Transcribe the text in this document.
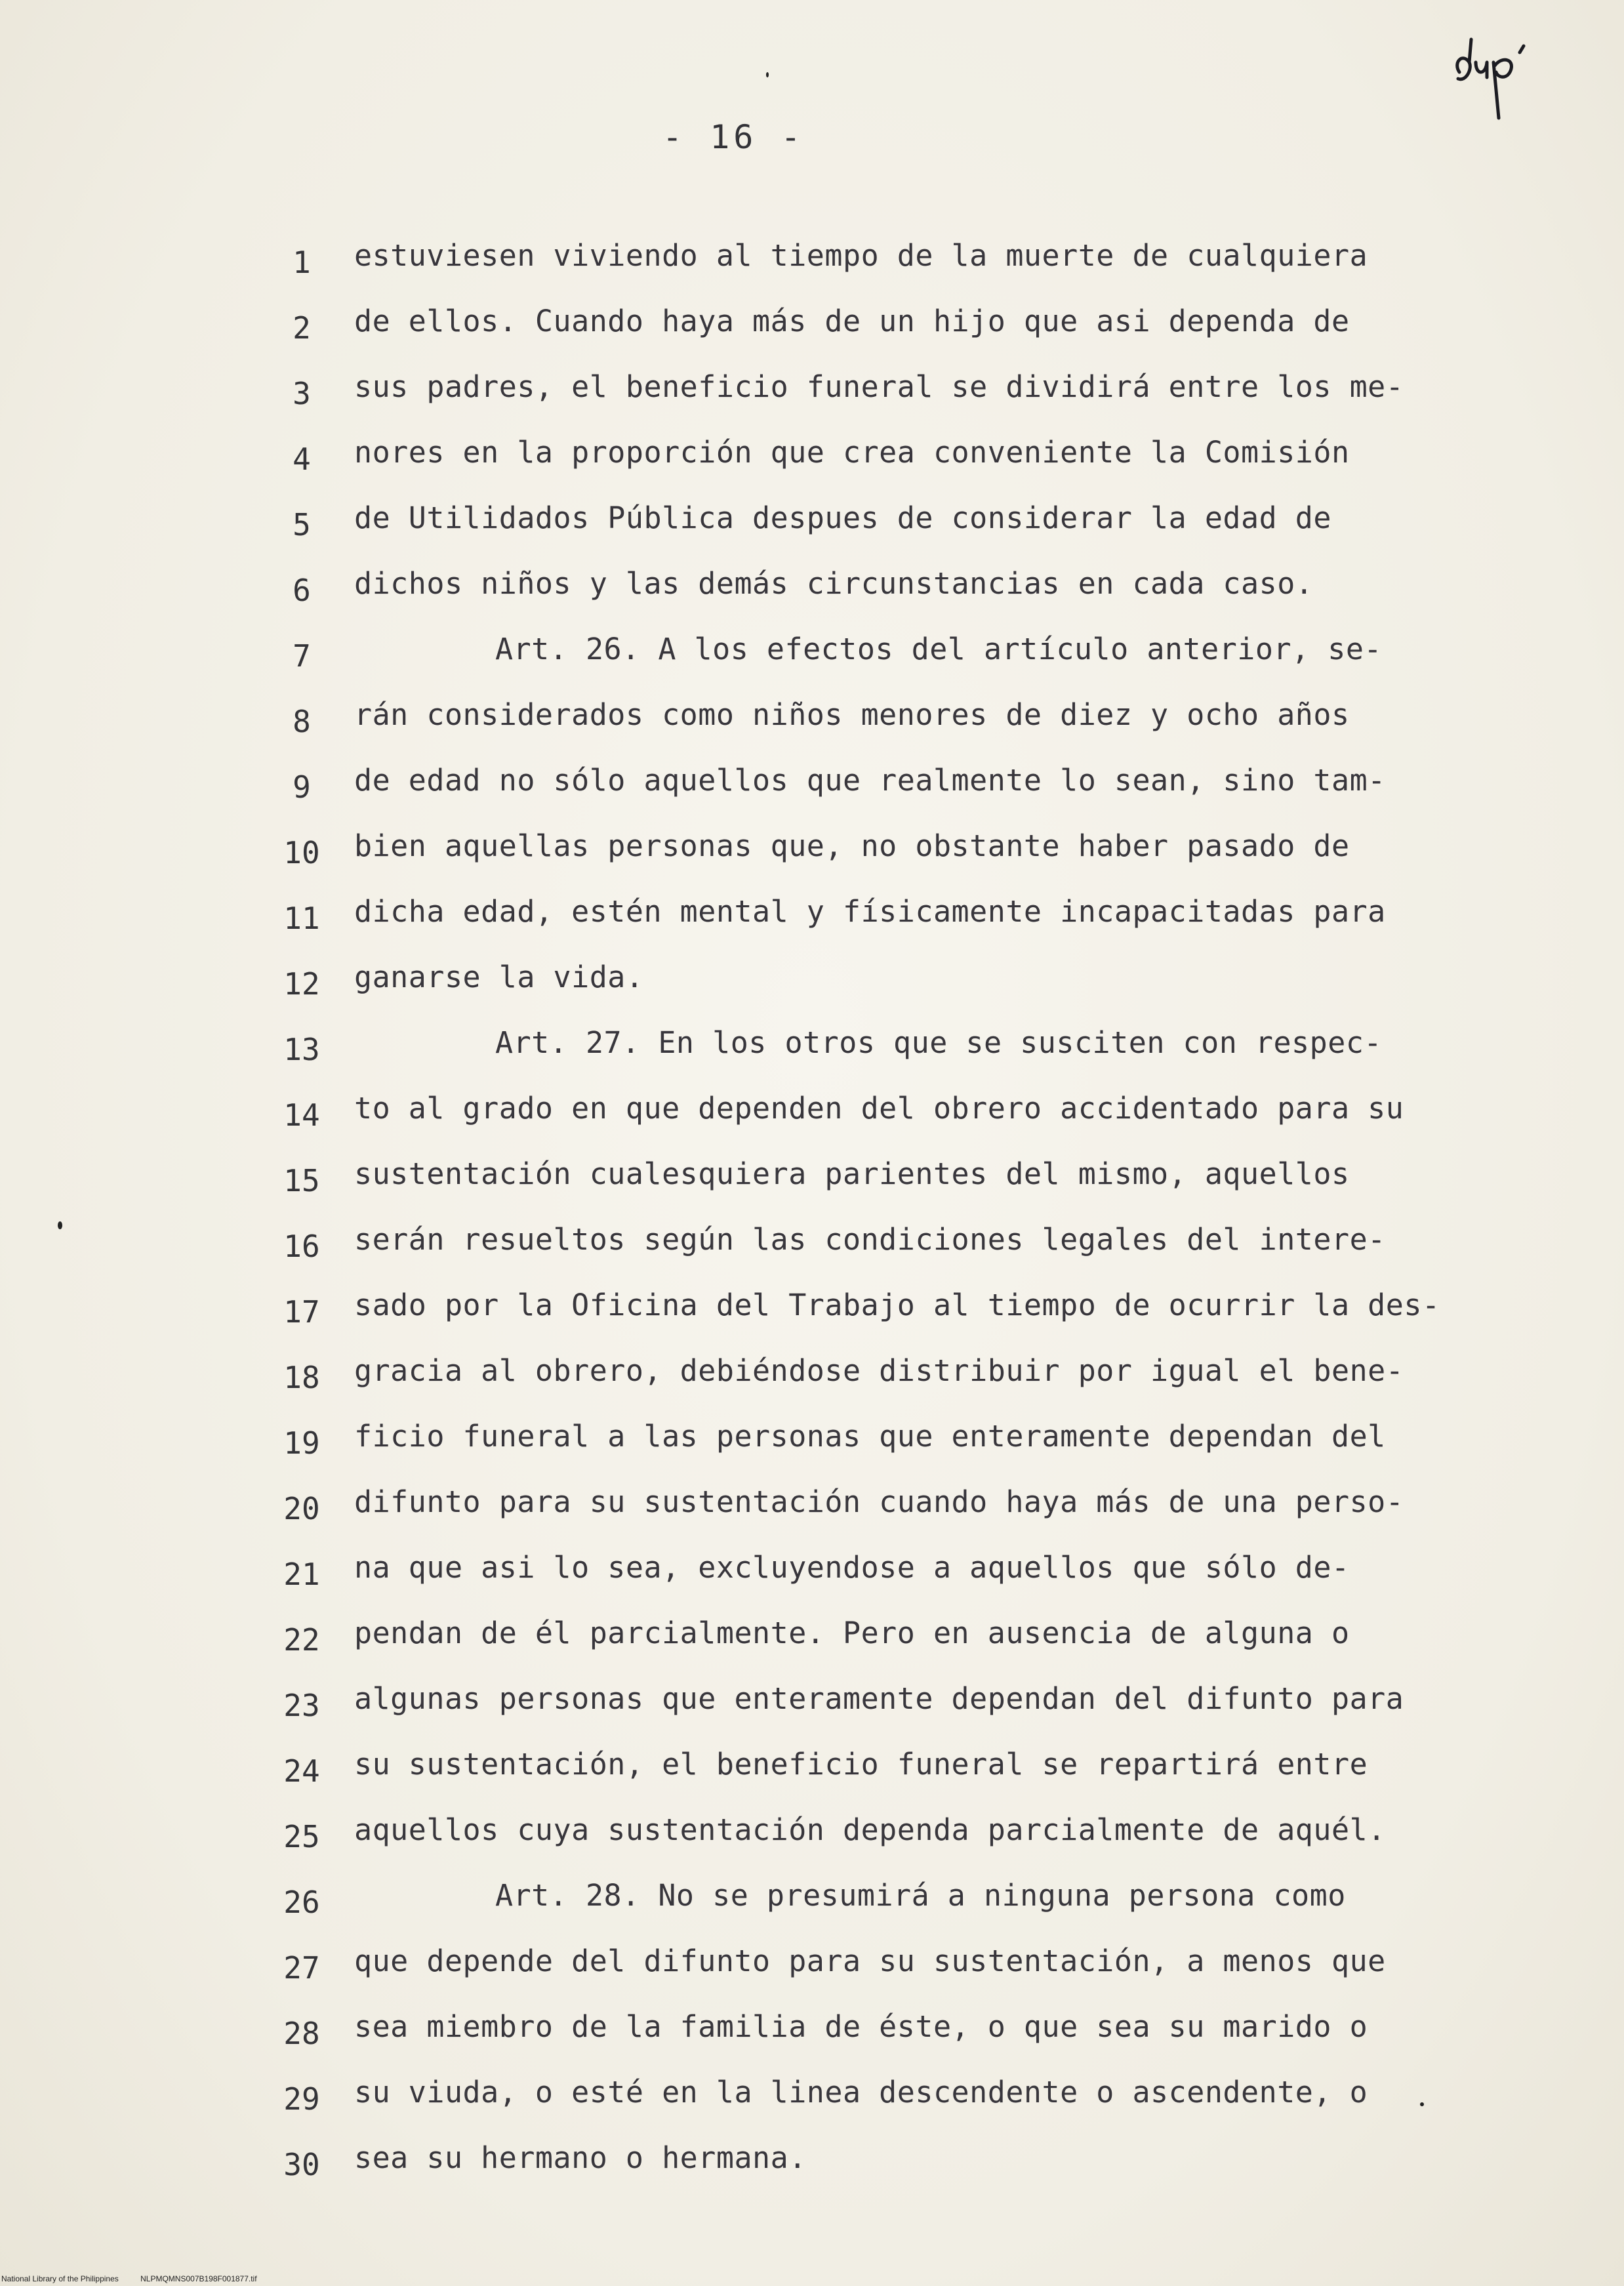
- 16 -
1
2
3
4
5
6
7
8
9
10
11
12
13
14
15
16
17
18
19
20
21
22
23
24
25
26
27
28
29
30
estuviesen viviendo al tiempo de la muerte de cualquiera
de ellos. Cuando haya más de un hijo que asi dependa de
sus padres, el beneficio funeral se dividirá entre los me-
nores en la proporción que crea conveniente la Comisión
de Utilidados Pública despues de considerar la edad de
dichos niños y las demás circunstancias en cada caso.
Art. 26. A los efectos del artículo anterior, se-
rán considerados como niños menores de diez y ocho años
de edad no sólo aquellos que realmente lo sean, sino tam-
bien aquellas personas que, no obstante haber pasado de
dicha edad, estén mental y físicamente incapacitadas para
ganarse la vida.
Art. 27. En los otros que se susciten con respec-
to al grado en que dependen del obrero accidentado para su
sustentación cualesquiera parientes del mismo, aquellos
serán resueltos según las condiciones legales del intere-
sado por la Oficina del Trabajo al tiempo de ocurrir la des-
gracia al obrero, debiéndose distribuir por igual el bene-
ficio funeral a las personas que enteramente dependan del
difunto para su sustentación cuando haya más de una perso-
na que asi lo sea, excluyendose a aquellos que sólo de-
pendan de él parcialmente. Pero en ausencia de alguna o
algunas personas que enteramente dependan del difunto para
su sustentación, el beneficio funeral se repartirá entre
aquellos cuya sustentación dependa parcialmente de aquél.
Art. 28. No se presumirá a ninguna persona como
que depende del difunto para su sustentación, a menos que
sea miembro de la familia de éste, o que sea su marido o
su viuda, o esté en la linea descendente o ascendente, o
sea su hermano o hermana.
National Library of the Philippines	NLPMQMNS007B198F001877.tif
